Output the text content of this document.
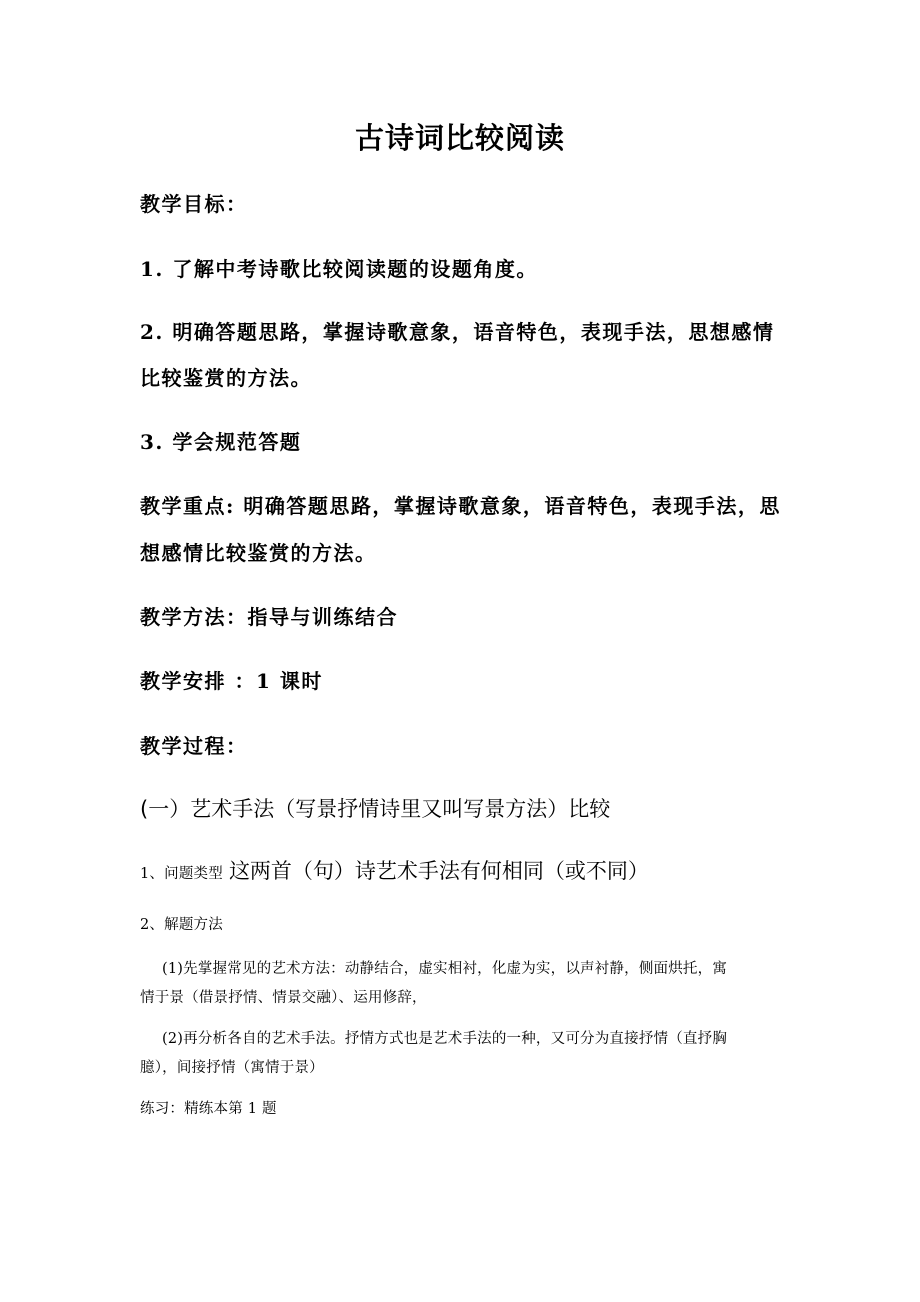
古诗词比较阅读
教学目标：
1. 了解中考诗歌比较阅读题的设题角度。
2. 明确答题思路，掌握诗歌意象，语音特色，表现手法，思想感情
比较鉴赏的方法。
3. 学会规范答题
教学重点: 明确答题思路，掌握诗歌意象，语音特色，表现手法，思
想感情比较鉴赏的方法。
教学方法：指导与训练结合
教学安排 ：1 课时
教学过程：
(一）艺术手法（写景抒情诗里又叫写景方法）比较
1、问题类型 这两首（句）诗艺术手法有何相同（或不同）
2、解题方法
(1)先掌握常见的艺术方法：动静结合，虚实相衬，化虚为实，以声衬静，侧面烘托，寓
情于景（借景抒情、情景交融）、运用修辞，
(2)再分析各自的艺术手法。抒情方式也是艺术手法的一种，又可分为直接抒情（直抒胸
臆），间接抒情（寓情于景）
练习：精练本第 1 题
